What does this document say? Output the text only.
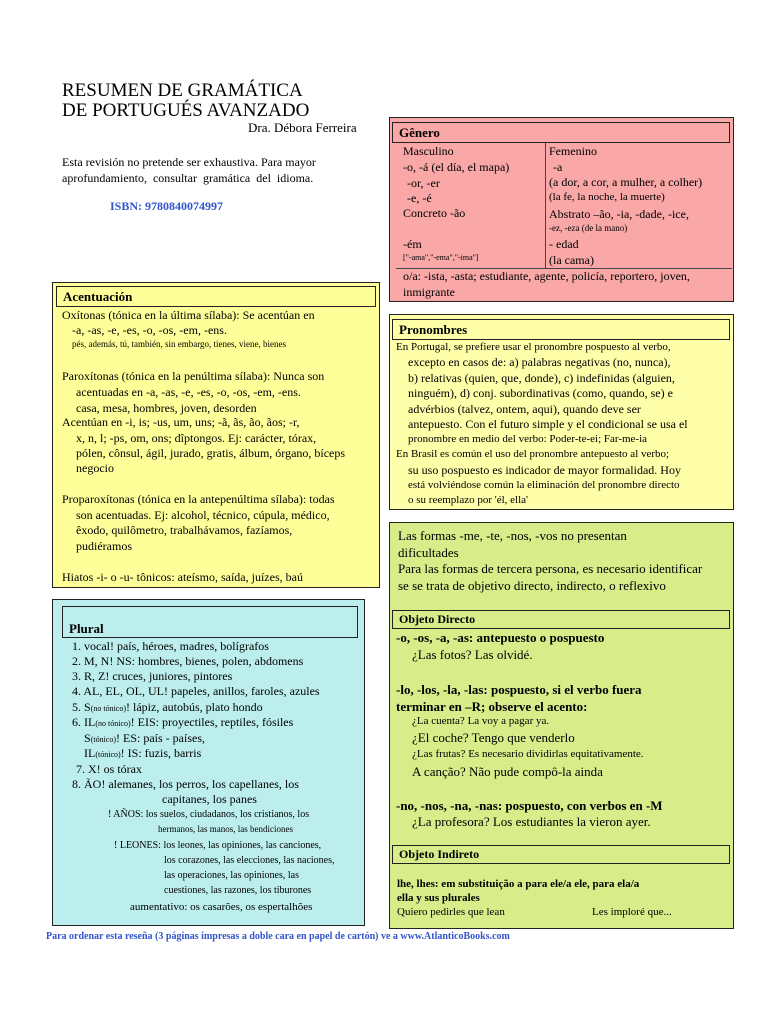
RESUMEN DE GRAMÁTICA
DE PORTUGUÉS AVANZADO
Dra. Débora Ferreira
Esta revisión no pretende ser exhaustiva. Para mayor
aprofundamiento, consultar gramática del idioma.
ISBN: 9780840074997
Gênero
Masculino
-o, -á (el día, el mapa)
-or, -er
-e, -é
Concreto -ão
-ém
["-ama","-ema","-ima"]
Femenino
-a
(a dor, a cor, a mulher, a colher)
(la fe, la noche, la muerte)
Abstrato –ão, -ia, -dade, -ice,
-ez, -eza (de la mano)
- edad
(la cama)
o/a: -ista, -asta; estudiante, agente, policía, reportero, joven,
inmigrante
Acentuación
Oxítonas (tónica en la última sílaba): Se acentúan en
-a, -as, -e, -es, -o, -os, -em, -ens.
pés, además, tú, también, sin embargo, tienes, viene, bienes
Paroxítonas (tónica en la penúltima sílaba): Nunca son
acentuadas en -a, -as, -e, -es, -o, -os, -em, -ens.
casa, mesa, hombres, joven, desorden
Acentúan en -i, is; -us, um, uns; -ã, ãs, ão, ãos; -r,
x, n, l; -ps, om, ons; dîptongos. Ej: carácter, tórax,
pólen, cônsul, ágil, jurado, gratis, álbum, órgano, bíceps
negocio
Proparoxítonas (tónica en la antepenúltima sílaba): todas
son acentuadas. Ej: alcohol, técnico, cúpula, médico,
êxodo, quilômetro, trabalhávamos, fazíamos,
pudiéramos
Hiatos -i- o -u- tônicos: ateísmo, saída, juízes, baú
Plural
1. vocal! país, héroes, madres, bolígrafos
2. M, N! NS: hombres, bienes, polen, abdomens
3. R, Z! cruces, juniores, pintores
4. AL, EL, OL, UL! papeles, anillos, faroles, azules
5. S(no tónico)! lápiz, autobús, plato hondo
6. IL(no tónico)! EIS: proyectiles, reptiles, fósiles
S(tónico)! ES: país - países,
IL(tónico)! IS: fuzis, barris
7. X! os tórax
8. ÃO! alemanes, los perros, los capellanes, los
capitanes, los panes
! AÑOS: los suelos, ciudadanos, los cristianos, los
hermanos, las manos, las bendiciones
! LEONES: los leones, las opiniones, las canciones,
los corazones, las elecciones, las naciones,
las operaciones, las opiniones, las
cuestiones, las razones, los tiburones
aumentativo: os casarões, os espertalhões
Pronombres
En Portugal, se prefiere usar el pronombre pospuesto al verbo,
excepto en casos de: a) palabras negativas (no, nunca),
b) relativas (quien, que, donde), c) indefinidas (alguien,
ninguém), d) conj. subordinativas (como, quando, se) e
advérbios (talvez, ontem, aqui), quando deve ser
antepuesto. Con el futuro simple y el condicional se usa el
pronombre en medio del verbo: Poder-te-ei; Far-me-ia
En Brasil es común el uso del pronombre antepuesto al verbo;
su uso pospuesto es indicador de mayor formalidad. Hoy
está volviéndose común la eliminación del pronombre directo
o su reemplazo por 'él, ella'
Las formas -me, -te, -nos, -vos no presentan
dificultades
Para las formas de tercera persona, es necesario identificar
se se trata de objetivo directo, indirecto, o reflexivo
Objeto Directo
-o, -os, -a, -as: antepuesto o pospuesto
¿Las fotos? Las olvidé.
-lo, -los, -la, -las: pospuesto, si el verbo fuera
terminar en –R; observe el acento:
¿La cuenta? La voy a pagar ya.
¿El coche? Tengo que venderlo
¿Las frutas? Es necesario dividirlas equitativamente.
A canção? Não pude compô-la ainda
-no, -nos, -na, -nas: pospuesto, con verbos en -M
¿La profesora? Los estudiantes la vieron ayer.
Objeto Indireto
lhe, lhes: em substituição a para ele/a ele, para ela/a
ella y sus plurales
Quiero pedirles que lean	Les imploré que...
Para ordenar esta reseña (3 páginas impresas a doble cara en papel de cartón) ve a www.AtlanticoBooks.com
